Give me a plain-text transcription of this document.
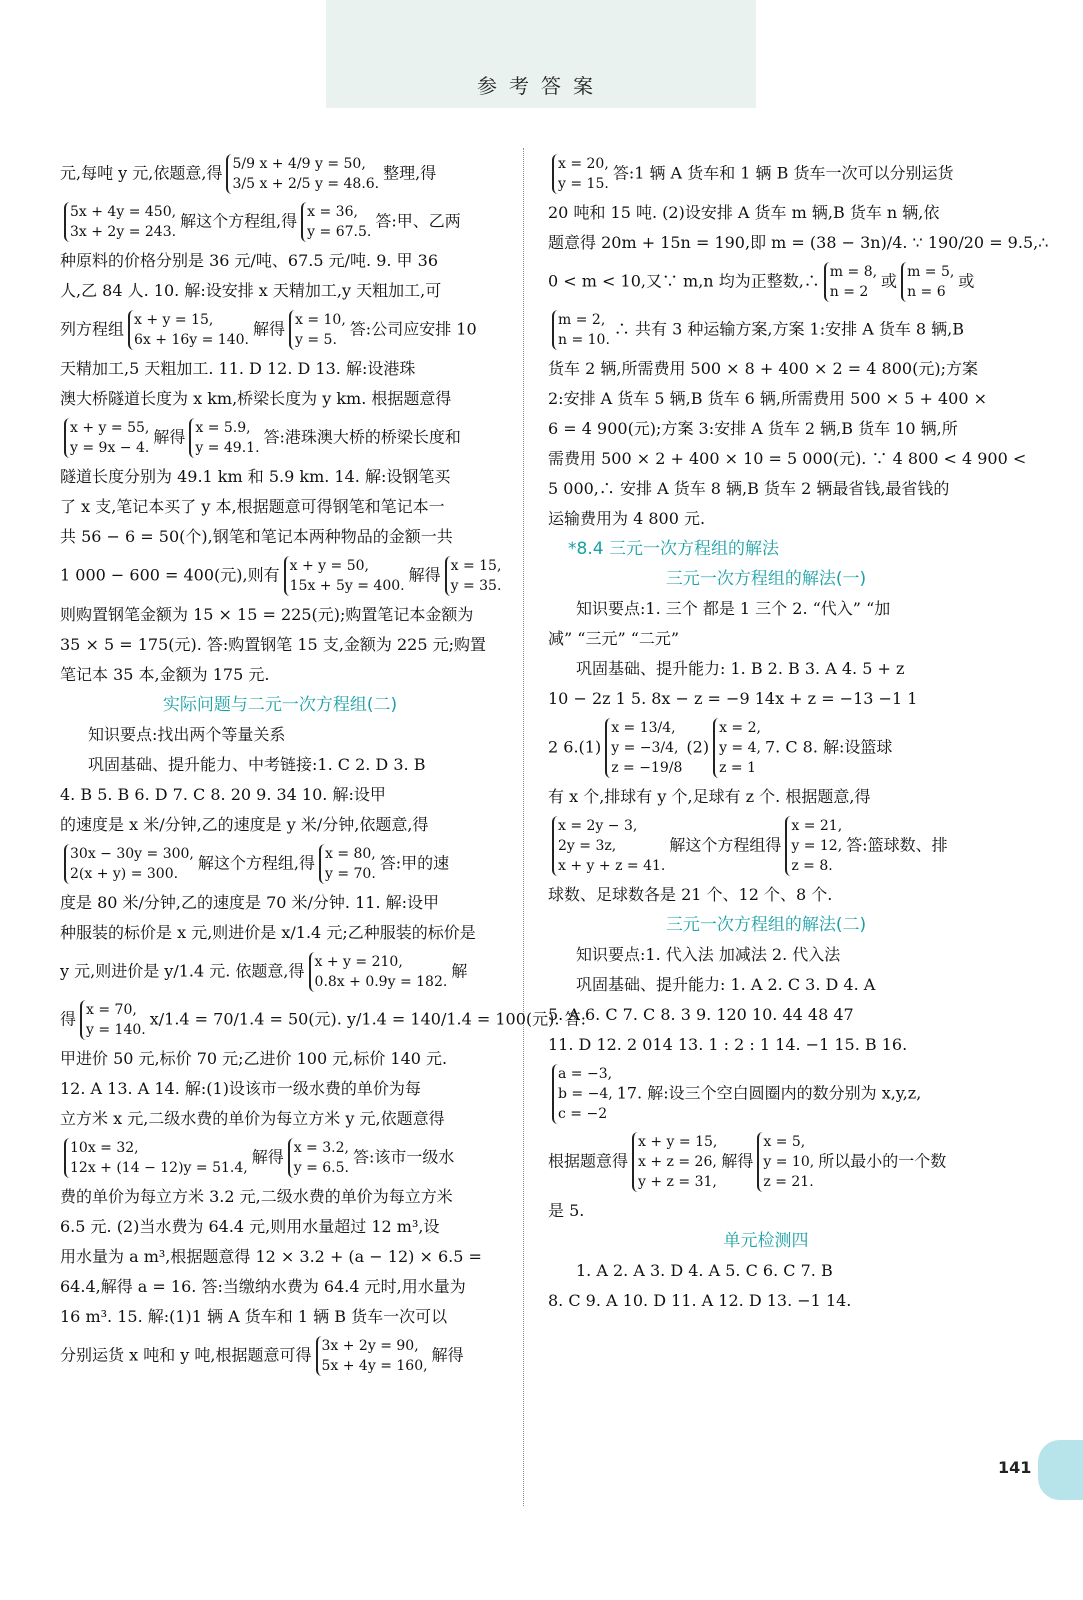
参考答案
元,每吨 y 元,依题意,得 5/9 x + 4/9 y = 50,
3/5 x + 2/5 y = 48.6.
整理,得
5x + 4y = 450,
3x + 2y = 243.
解这个方程组,得 x = 36,
y = 67.5.
答:甲、乙两
种原料的价格分别是 36 元/吨、67.5 元/吨. 9. 甲 36
人,乙 84 人. 10. 解:设安排 x 天精加工,y 天粗加工,可
列方程组 x + y = 15,
6x + 16y = 140.
解得 x = 10,
y = 5.
答:公司应安排 10
天精加工,5 天粗加工. 11. D 12. D 13. 解:设港珠
澳大桥隧道长度为 x km,桥梁长度为 y km. 根据题意得
x + y = 55,
y = 9x − 4.
解得 x = 5.9,
y = 49.1.
答:港珠澳大桥的桥梁长度和
隧道长度分别为 49.1 km 和 5.9 km. 14. 解:设钢笔买
了 x 支,笔记本买了 y 本,根据题意可得钢笔和笔记本一
共 56 − 6 = 50(个),钢笔和笔记本两种物品的金额一共
1 000 − 600 = 400(元),则有 x + y = 50,
15x + 5y = 400.
解得 x = 15,
y = 35.
则购置钢笔金额为 15 × 15 = 225(元);购置笔记本金额为
35 × 5 = 175(元). 答:购置钢笔 15 支,金额为 225 元;购置
笔记本 35 本,金额为 175 元.
实际问题与二元一次方程组(二)
知识要点:找出两个等量关系
巩固基础、提升能力、中考链接:1. C 2. D 3. B
4. B 5. B 6. D 7. C 8. 20 9. 34 10. 解:设甲
的速度是 x 米/分钟,乙的速度是 y 米/分钟,依题意,得
30x − 30y = 300,
2(x + y) = 300.
解这个方程组,得 x = 80,
y = 70.
答:甲的速
度是 80 米/分钟,乙的速度是 70 米/分钟. 11. 解:设甲
种服装的标价是 x 元,则进价是 x/1.4 元;乙种服装的标价是
y 元,则进价是 y/1.4 元. 依题意,得 x + y = 210,
0.8x + 0.9y = 182.
解
得 x = 70,
y = 140.
x/1.4 = 70/1.4 = 50(元). y/1.4 = 140/1.4 = 100(元). 答:
甲进价 50 元,标价 70 元;乙进价 100 元,标价 140 元.
12. A 13. A 14. 解:(1)设该市一级水费的单价为每
立方米 x 元,二级水费的单价为每立方米 y 元,依题意得
10x = 32,
12x + (14 − 12)y = 51.4,
解得 x = 3.2,
y = 6.5.
答:该市一级水
费的单价为每立方米 3.2 元,二级水费的单价为每立方米
6.5 元. (2)当水费为 64.4 元,则用水量超过 12 m³,设
用水量为 a m³,根据题意得 12 × 3.2 + (a − 12) × 6.5 =
64.4,解得 a = 16. 答:当缴纳水费为 64.4 元时,用水量为
16 m³. 15. 解:(1)1 辆 A 货车和 1 辆 B 货车一次可以
分别运货 x 吨和 y 吨,根据题意可得 3x + 2y = 90,
5x + 4y = 160,
解得
x = 20,
y = 15.
答:1 辆 A 货车和 1 辆 B 货车一次可以分别运货
20 吨和 15 吨. (2)设安排 A 货车 m 辆,B 货车 n 辆,依
题意得 20m + 15n = 190,即 m = (38 − 3n)/4. ∵ 190/20 = 9.5,∴
0 < m < 10,又∵ m,n 均为正整数,∴ m = 8,
n = 2
或 m = 5,
n = 6
或
m = 2,
n = 10.
∴ 共有 3 种运输方案,方案 1:安排 A 货车 8 辆,B
货车 2 辆,所需费用 500 × 8 + 400 × 2 = 4 800(元);方案
2:安排 A 货车 5 辆,B 货车 6 辆,所需费用 500 × 5 + 400 ×
6 = 4 900(元);方案 3:安排 A 货车 2 辆,B 货车 10 辆,所
需费用 500 × 2 + 400 × 10 = 5 000(元). ∵ 4 800 < 4 900 <
5 000,∴ 安排 A 货车 8 辆,B 货车 2 辆最省钱,最省钱的
运输费用为 4 800 元.
*8.4 三元一次方程组的解法
三元一次方程组的解法(一)
知识要点:1. 三个 都是 1 三个 2. “代入” “加
减” “三元” “二元”
巩固基础、提升能力: 1. B 2. B 3. A 4. 5 + z
10 − 2z 1 5. 8x − z = −9 14x + z = −13 −1 1
2 6.(1)
x = 13/4,
y = −3/4,
z = −19/8
(2)
x = 2,
y = 4,
z = 1
7. C 8. 解:设篮球
有 x 个,排球有 y 个,足球有 z 个. 根据题意,得
x = 2y − 3,
2y = 3z,
x + y + z = 41.
解这个方程组得
x = 21,
y = 12,
z = 8.
答:篮球数、排
球数、足球数各是 21 个、12 个、8 个.
三元一次方程组的解法(二)
知识要点:1. 代入法 加减法 2. 代入法
巩固基础、提升能力: 1. A 2. C 3. D 4. A
5. A 6. C 7. C 8. 3 9. 120 10. 44 48 47
11. D 12. 2 014 13. 1 : 2 : 1 14. −1 15. B 16.
a = −3,
b = −4,
c = −2
17. 解:设三个空白圆圈内的数分别为 x,y,z,
根据题意得
x + y = 15,
x + z = 26,
y + z = 31,
解得
x = 5,
y = 10,
z = 21.
所以最小的一个数
是 5.
单元检测四
1. A 2. A 3. D 4. A 5. C 6. C 7. B
8. C 9. A 10. D 11. A 12. D 13. −1 14.
141
